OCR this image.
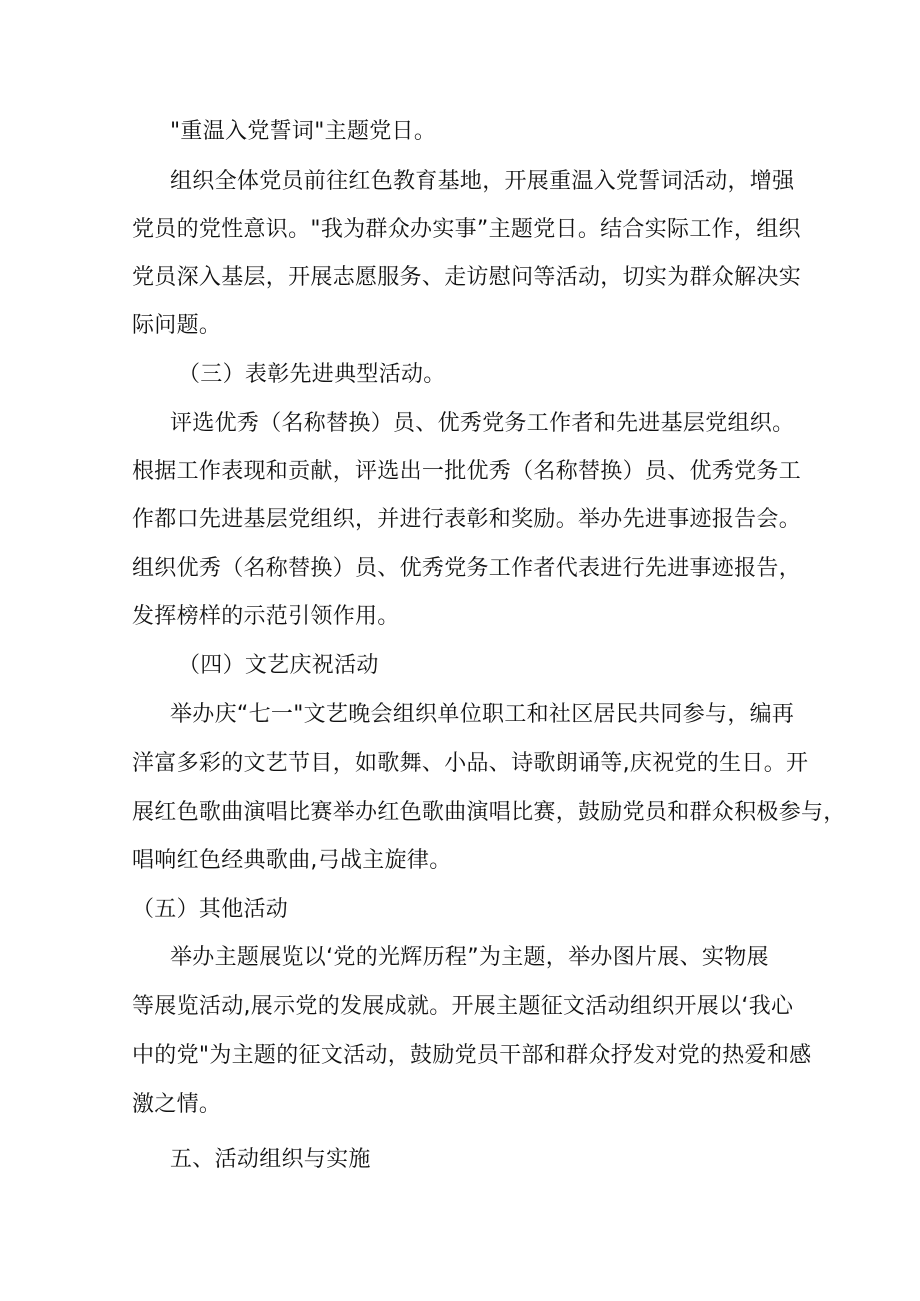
"重温入党誓词"主题党日。

组织全体党员前往红色教育基地，开展重温入党誓词活动，增强

党员的党性意识。"我为群众办实事”主题党日。结合实际工作，组织

党员深入基层，开展志愿服务、走访慰问等活动，切实为群众解决实

际问题。

（三）表彰先进典型活动。

评选优秀（名称替换）员、优秀党务工作者和先进基层党组织。

根据工作表现和贡献，评选出一批优秀（名称替换）员、优秀党务工

作都口先进基层党组织，并进行表彰和奖励。举办先进事迹报告会。

组织优秀（名称替换）员、优秀党务工作者代表进行先进事迹报告，

发挥榜样的示范引领作用。

（四）文艺庆祝活动

举办庆“七一"文艺晚会组织单位职工和社区居民共同参与，编再

洋富多彩的文艺节目，如歌舞、小品、诗歌朗诵等,庆祝党的生日。开

展红色歌曲演唱比赛举办红色歌曲演唱比赛，鼓励党员和群众积极参与，

唱响红色经典歌曲,弓战主旋律。

（五）其他活动

举办主题展览以‘党的光辉历程”为主题，举办图片展、实物展

等展览活动,展示党的发展成就。开展主题征文活动组织开展以‘我心

中的党"为主题的征文活动，鼓励党员干部和群众抒发对党的热爱和感

激之情。

五、活动组织与实施
